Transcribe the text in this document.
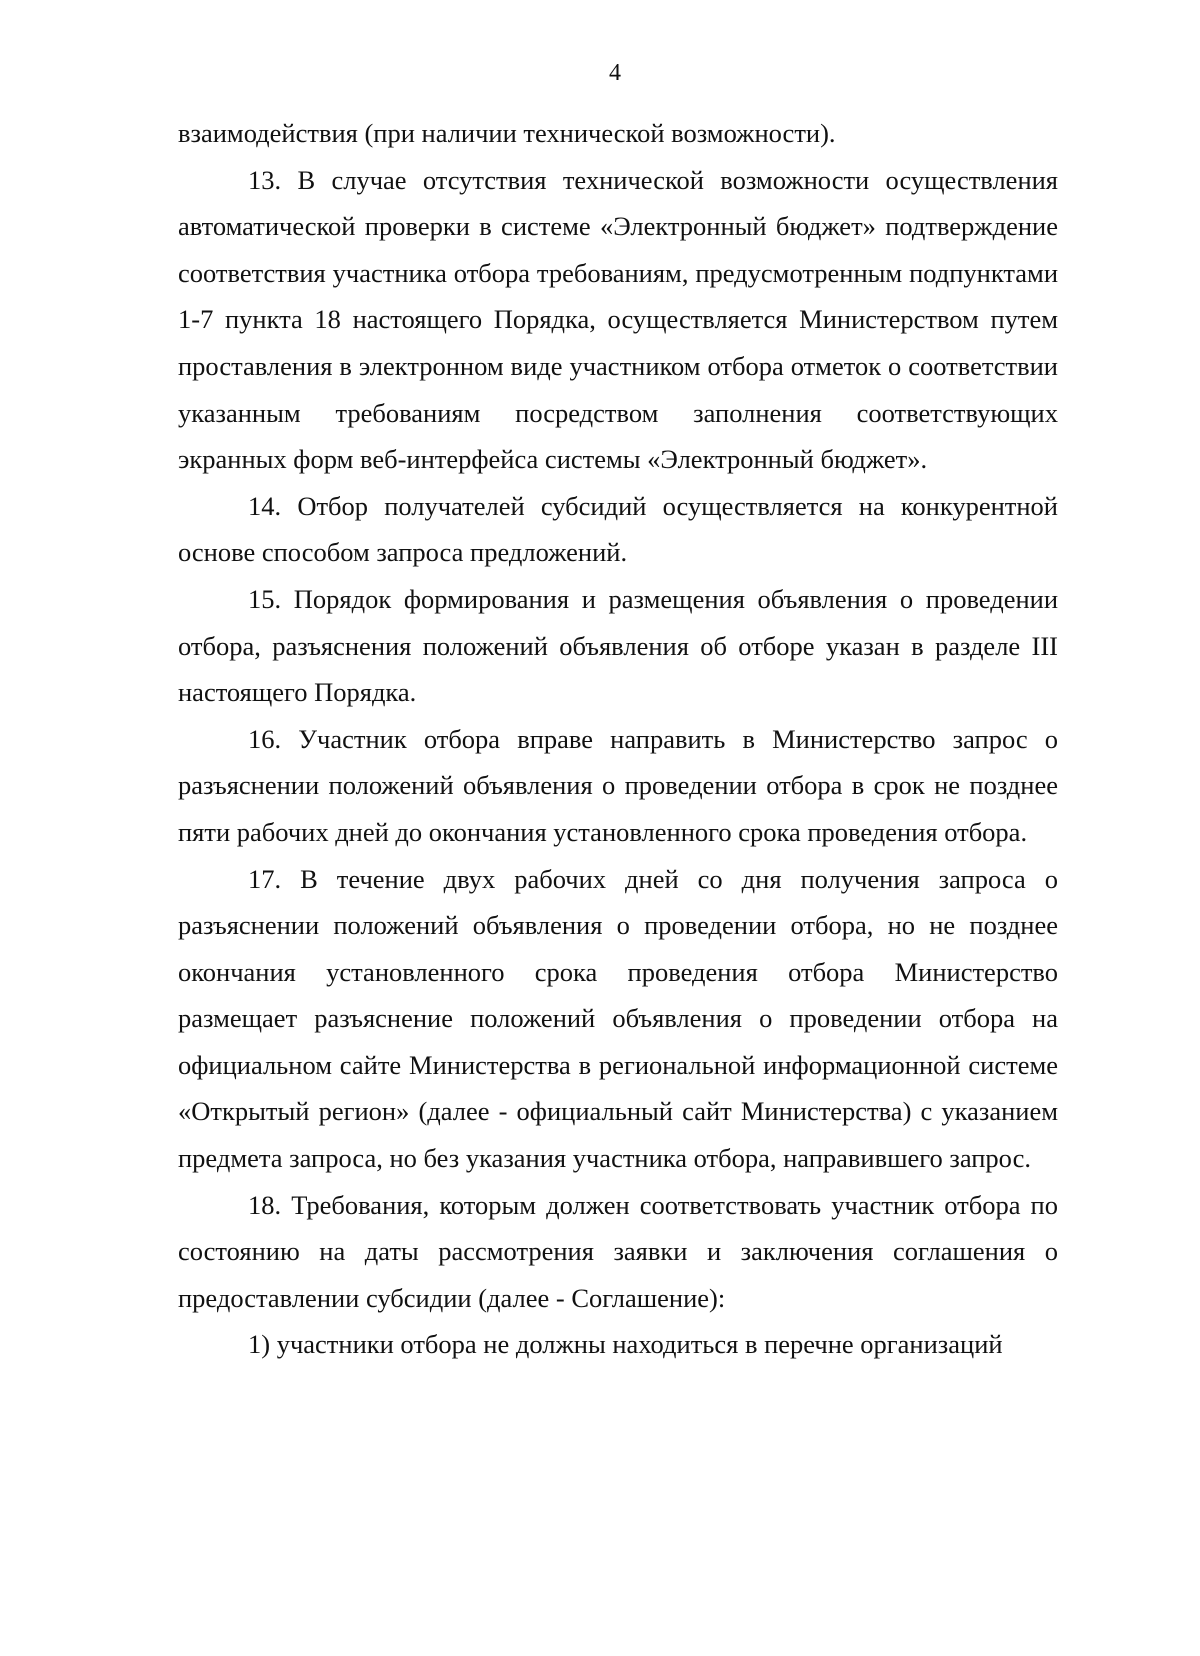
4

взаимодействия (при наличии технической возможности).

13. В случае отсутствия технической возможности осуществления автоматической проверки в системе «Электронный бюджет» подтверждение соответствия участника отбора требованиям, предусмотренным подпунктами 1-7 пункта 18 настоящего Порядка, осуществляется Министерством путем проставления в электронном виде участником отбора отметок о соответствии указанным требованиям посредством заполнения соответствующих экранных форм веб-интерфейса системы «Электронный бюджет».

14. Отбор получателей субсидий осуществляется на конкурентной основе способом запроса предложений.

15. Порядок формирования и размещения объявления о проведении отбора, разъяснения положений объявления об отборе указан в разделе III настоящего Порядка.

16. Участник отбора вправе направить в Министерство запрос о разъяснении положений объявления о проведении отбора в срок не позднее пяти рабочих дней до окончания установленного срока проведения отбора.

17. В течение двух рабочих дней со дня получения запроса о разъяснении положений объявления о проведении отбора, но не позднее окончания установленного срока проведения отбора Министерство размещает разъяснение положений объявления о проведении отбора на официальном сайте Министерства в региональной информационной системе «Открытый регион» (далее - официальный сайт Министерства) с указанием предмета запроса, но без указания участника отбора, направившего запрос.

18. Требования, которым должен соответствовать участник отбора по состоянию на даты рассмотрения заявки и заключения соглашения о предоставлении субсидии (далее - Соглашение):

1) участники отбора не должны находиться в перечне организаций
